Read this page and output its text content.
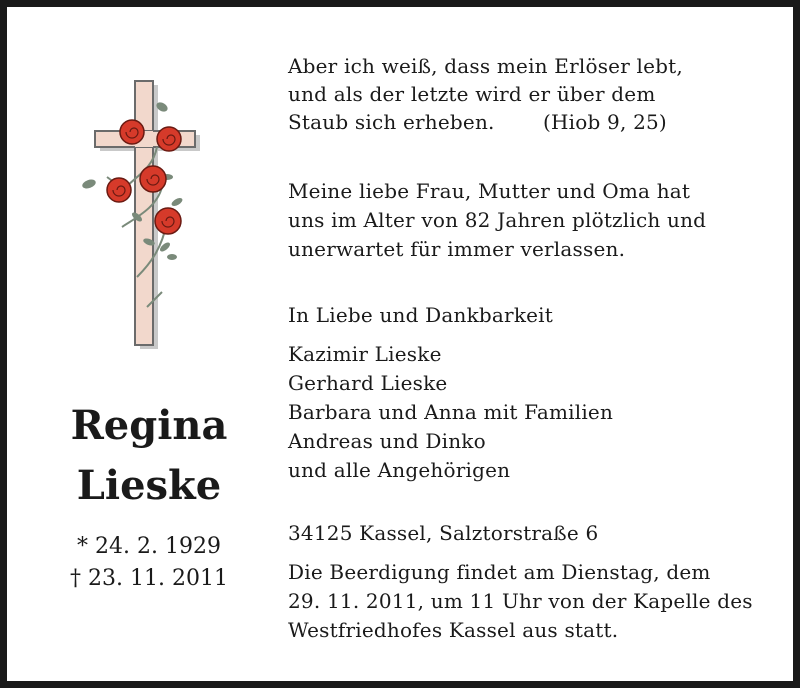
Regina
Lieske
* 24. 2. 1929
† 23. 11. 2011
Aber ich weiß, dass mein Erlöser lebt,
und als der letzte wird er über dem
Staub sich erheben. (Hiob 9, 25)
Meine liebe Frau, Mutter und Oma hat
uns im Alter von 82 Jahren plötzlich und
unerwartet für immer verlassen.
In Liebe und Dankbarkeit
Kazimir Lieske
Gerhard Lieske
Barbara und Anna mit Familien
Andreas und Dinko
und alle Angehörigen
34125 Kassel, Salztorstraße 6
Die Beerdigung findet am Dienstag, dem
29. 11. 2011, um 11 Uhr von der Kapelle des
Westfriedhofes Kassel aus statt.
